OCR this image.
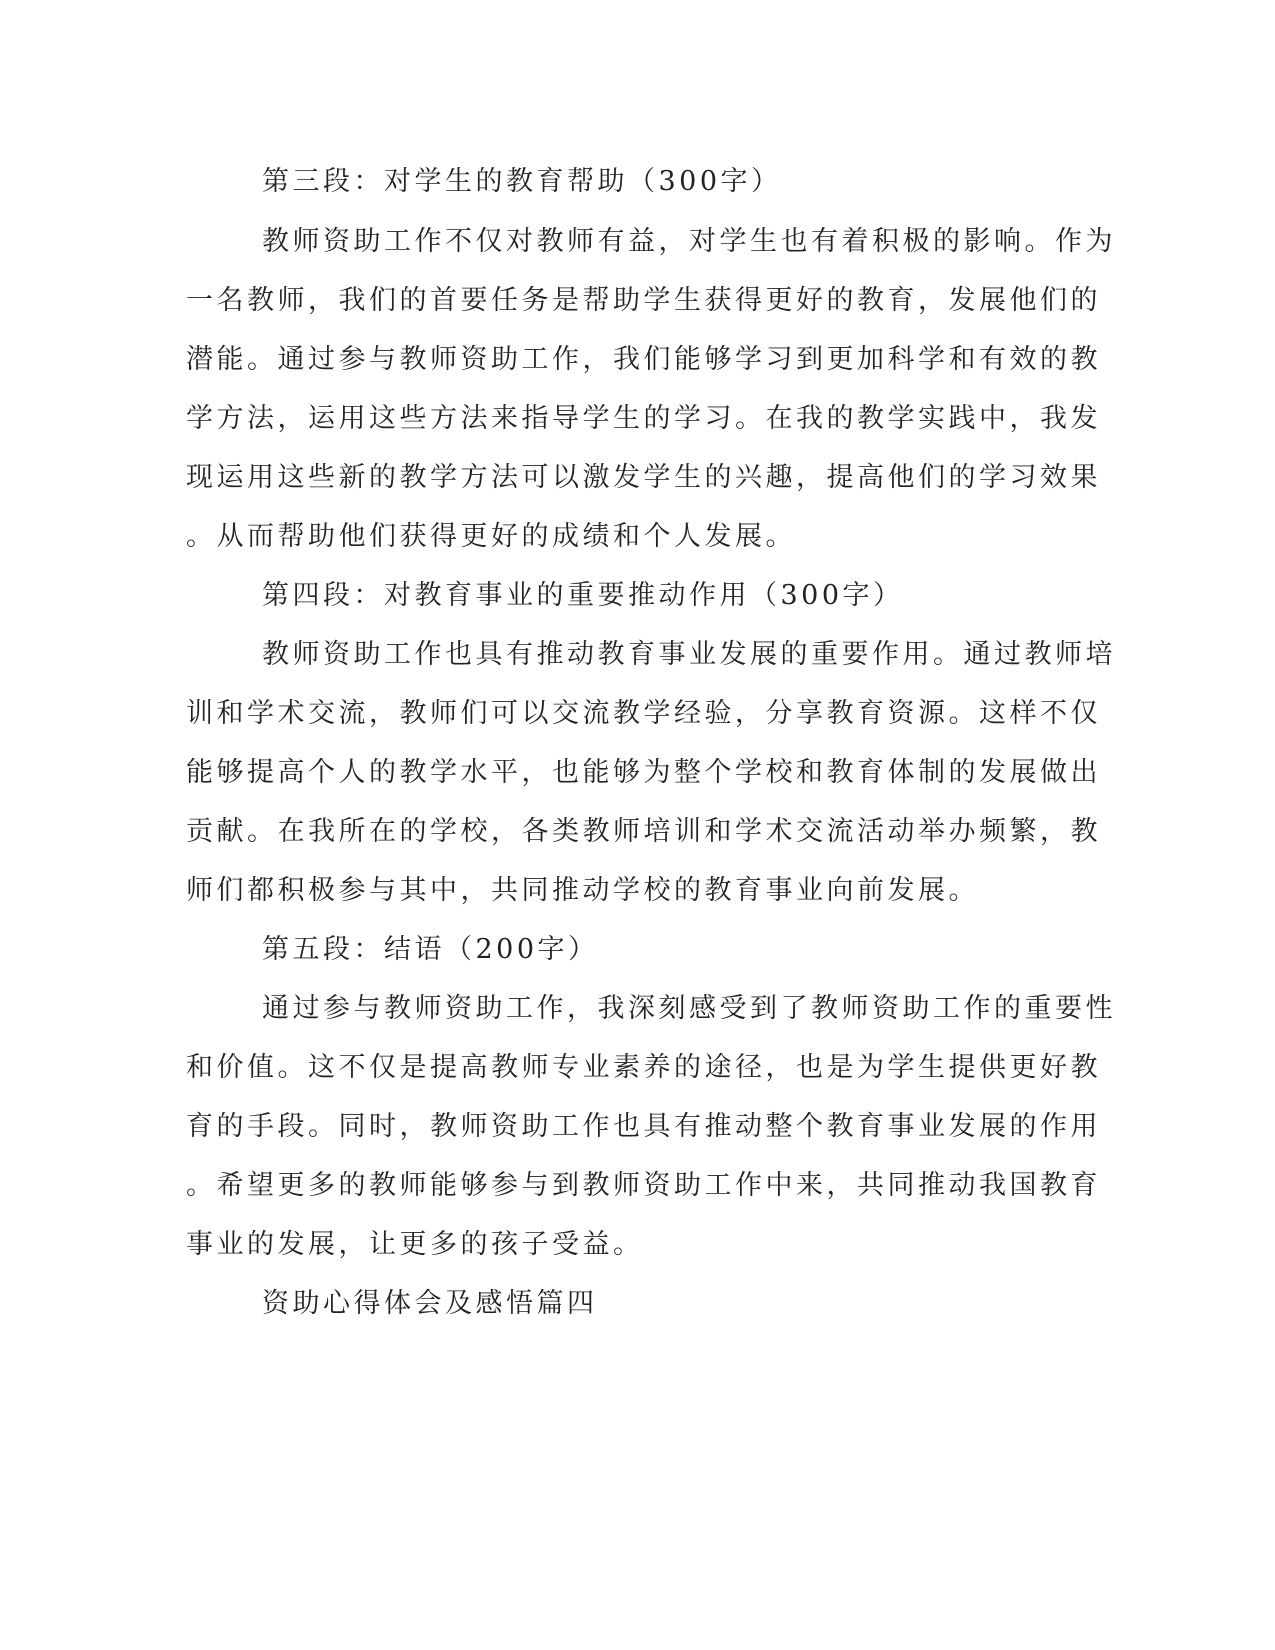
第三段：对学生的教育帮助（300字）
教师资助工作不仅对教师有益，对学生也有着积极的影响。作为
一名教师，我们的首要任务是帮助学生获得更好的教育，发展他们的
潜能。通过参与教师资助工作，我们能够学习到更加科学和有效的教
学方法，运用这些方法来指导学生的学习。在我的教学实践中，我发
现运用这些新的教学方法可以激发学生的兴趣，提高他们的学习效果
。从而帮助他们获得更好的成绩和个人发展。
第四段：对教育事业的重要推动作用（300字）
教师资助工作也具有推动教育事业发展的重要作用。通过教师培
训和学术交流，教师们可以交流教学经验，分享教育资源。这样不仅
能够提高个人的教学水平，也能够为整个学校和教育体制的发展做出
贡献。在我所在的学校，各类教师培训和学术交流活动举办频繁，教
师们都积极参与其中，共同推动学校的教育事业向前发展。
第五段：结语（200字）
通过参与教师资助工作，我深刻感受到了教师资助工作的重要性
和价值。这不仅是提高教师专业素养的途径，也是为学生提供更好教
育的手段。同时，教师资助工作也具有推动整个教育事业发展的作用
。希望更多的教师能够参与到教师资助工作中来，共同推动我国教育
事业的发展，让更多的孩子受益。
资助心得体会及感悟篇四
